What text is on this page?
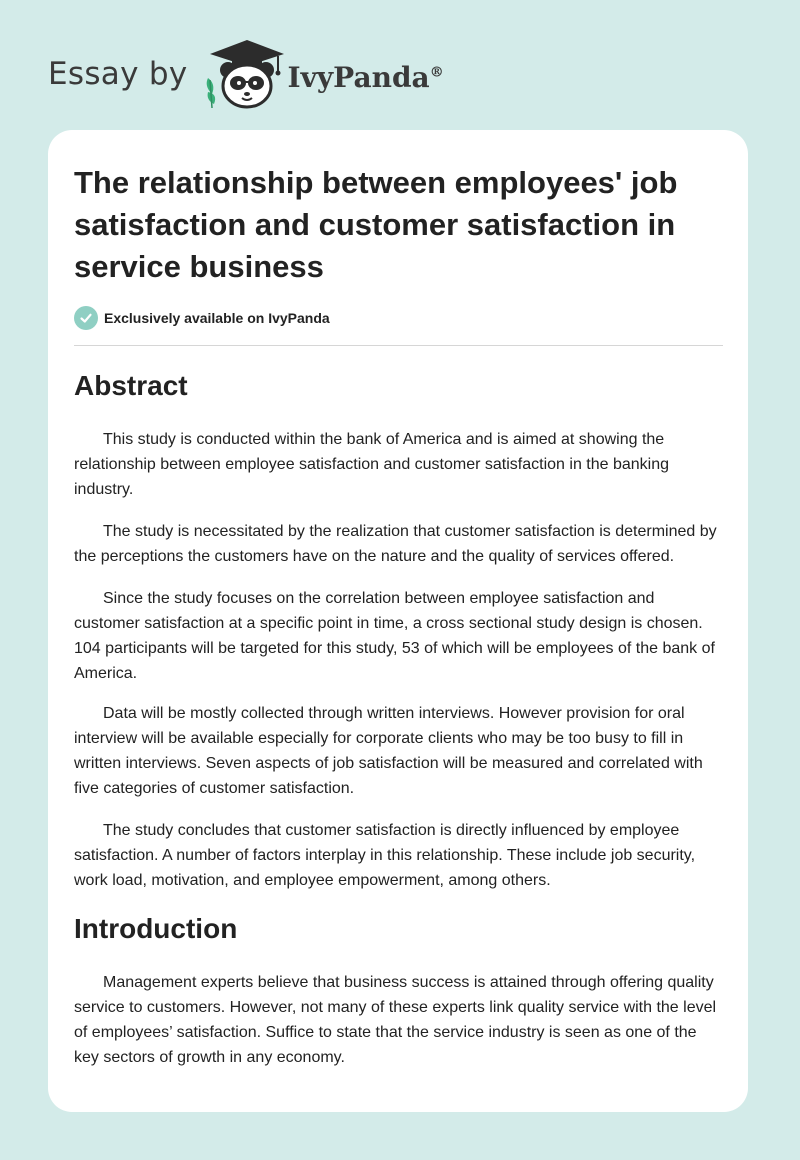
Essay by	IvyPanda®
The relationship between employees' job satisfaction and customer satisfaction in service business
Exclusively available on IvyPanda
Abstract

This study is conducted within the bank of America and is aimed at showing the relationship between employee satisfaction and customer satisfaction in the banking industry.

The study is necessitated by the realization that customer satisfaction is determined by the perceptions the customers have on the nature and the quality of services offered.

Since the study focuses on the correlation between employee satisfaction and customer satisfaction at a specific point in time, a cross sectional study design is chosen. 104 participants will be targeted for this study, 53 of which will be employees of the bank of America.

Data will be mostly collected through written interviews. However provision for oral interview will be available especially for corporate clients who may be too busy to fill in written interviews. Seven aspects of job satisfaction will be measured and correlated with five categories of customer satisfaction.

The study concludes that customer satisfaction is directly influenced by employee satisfaction. A number of factors interplay in this relationship. These include job security, work load, motivation, and employee empowerment, among others.

Introduction

Management experts believe that business success is attained through offering quality service to customers. However, not many of these experts link quality service with the level of employees’ satisfaction. Suffice to state that the service industry is seen as one of the key sectors of growth in any economy.
